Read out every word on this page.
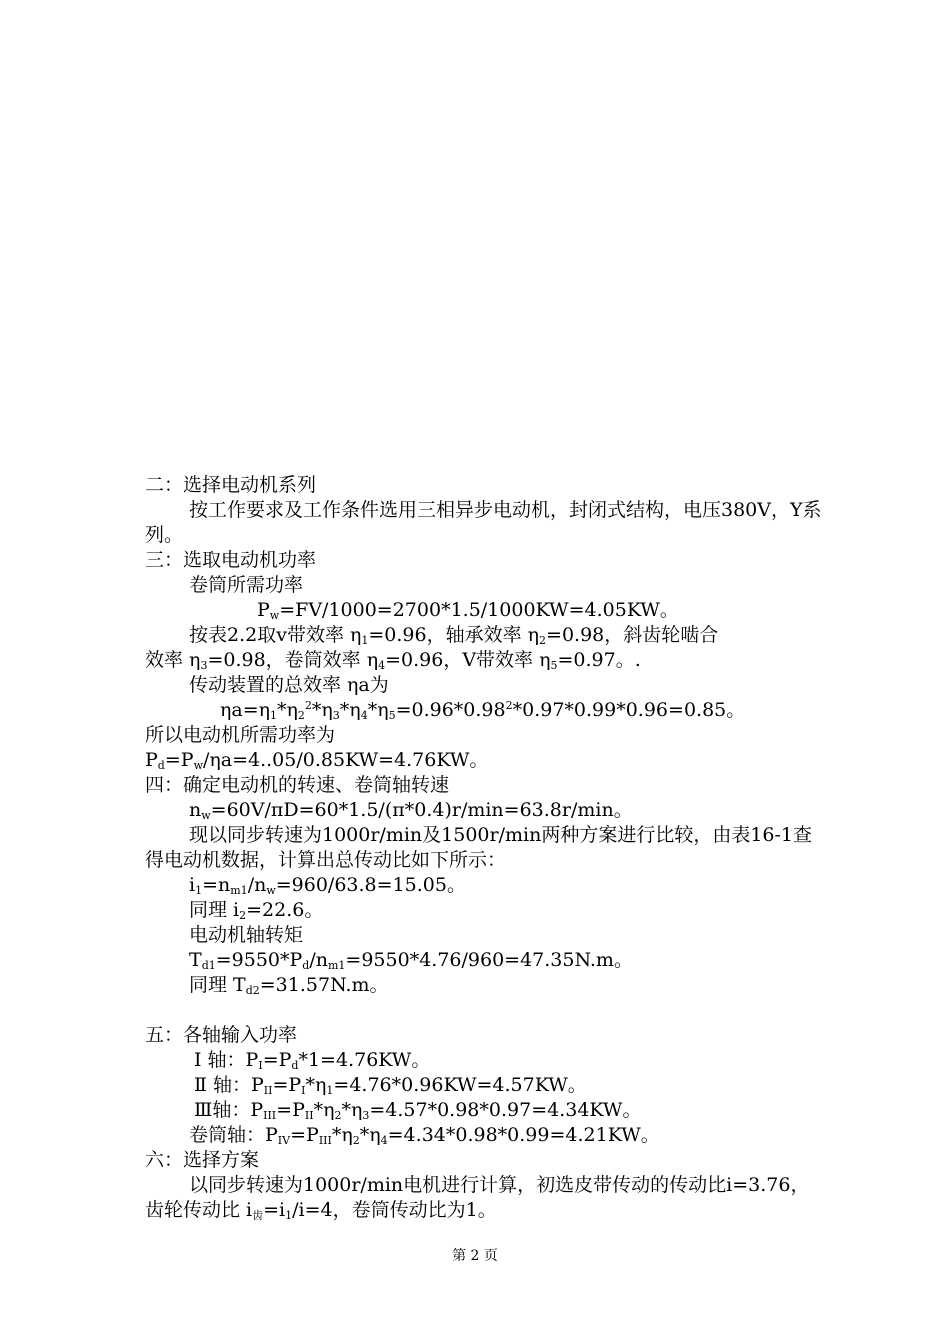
二：选择电动机系列
按工作要求及工作条件选用三相异步电动机，封闭式结构，电压380V，Y系列。
三：选取电动机功率
卷筒所需功率
$P_w=FV/1000=2700*1.5/1000KW=4.05KW$。
按表2.2取v带效率 $\eta_1=0.96$，轴承效率 $\eta_2=0.98$，斜齿轮啮合
效率 $\eta_3=0.98$，卷筒效率 $\eta_4=0.96$，V带效率 $\eta_5=0.97$。.
传动装置的总效率 ηa为
$\eta a=\eta_1*\eta_2^2*\eta_3*\eta_4*\eta_5=0.96*0.98^2*0.97*0.99*0.96=0.85$。
所以电动机所需功率为
$P_d=P_w/\eta a=4..05/0.85KW=4.76KW$。
四：确定电动机的转速、卷筒轴转速
$n_w=60V/\pi D=60*1.5/(\pi*0.4)r/\min=63.8r/\min$。
现以同步转速为1000r/min及1500r/min两种方案进行比较，由表16-1查得电动机数据，计算出总传动比如下所示：
$i_1=n_{m1}/n_w=960/63.8=15.05$。
同理 $i_2=22.6$。
电动机轴转矩
$T_{d1}=9550*P_d/n_{m1}=9550*4.76/960=47.35N.m$。
同理 $T_{d2}=31.57N.m$。
五：各轴输入功率
Ⅰ 轴：$P_I=P_d*1=4.76KW$。
Ⅱ 轴：$P_{II}=P_I*\eta_1=4.76*0.96KW=4.57KW$。
Ⅲ轴：$P_{III}=P_{II}*\eta_2*\eta_3=4.57*0.98*0.97=4.34KW$。
卷筒轴：$P_{IV}=P_{III}*\eta_2*\eta_4=4.34*0.98*0.99=4.21KW$。
六：选择方案
以同步转速为1000r/min电机进行计算，初选皮带传动的传动比i=3.76，齿轮传动比 $i_齿=i_1/i=4$，卷筒传动比为1。
第 2 页
